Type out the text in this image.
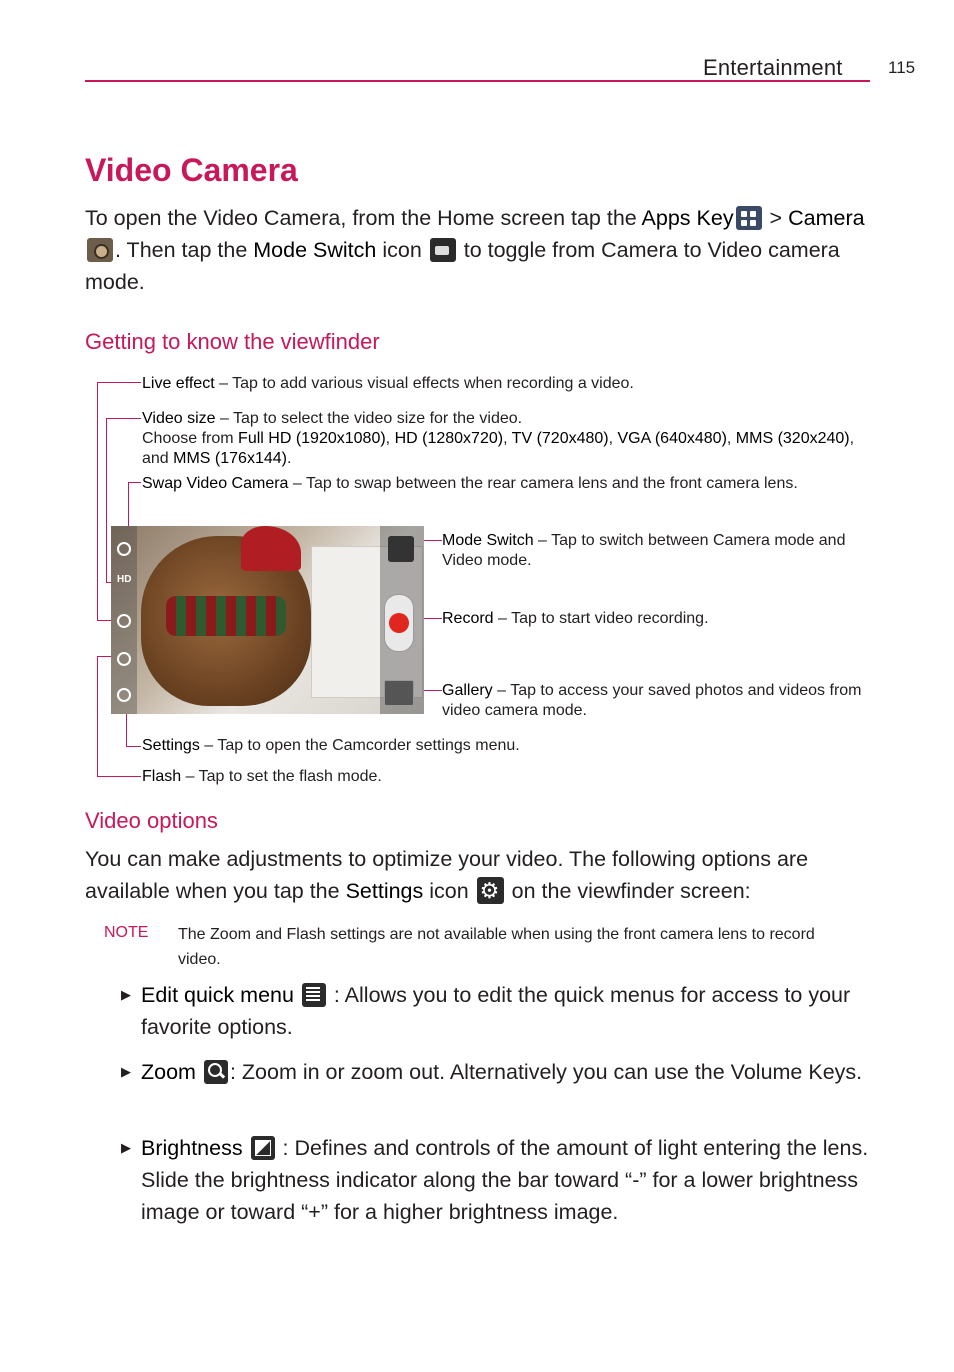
Entertainment	115
Video Camera
To open the Video Camera, from the Home screen tap the Apps Key > Camera. Then tap the Mode Switch icon  to toggle from Camera to Video camera mode.
Getting to know the viewfinder
Live effect – Tap to add various visual effects when recording a video.
Video size – Tap to select the video size for the video.
Choose from Full HD (1920x1080), HD (1280x720), TV (720x480), VGA (640x480), MMS (320x240), and MMS (176x144).
Swap Video Camera – Tap to swap between the rear camera lens and the front camera lens.
Mode Switch – Tap to switch between Camera mode and Video mode.
Record – Tap to start video recording.
Gallery – Tap to access your saved photos and videos from video camera mode.
Settings – Tap to open the Camcorder settings menu.
Flash – Tap to set the flash mode.
HD
Video options
You can make adjustments to optimize your video. The following options are available when you tap the Settings icon ⚙ on the viewfinder screen:
NOTE The Zoom and Flash settings are not available when using the front camera lens to record video.
▶ Edit quick menu  : Allows you to edit the quick menus for access to your favorite options.
▶ Zoom : Zoom in or zoom out. Alternatively you can use the Volume Keys.
▶ Brightness  : Defines and controls of the amount of light entering the lens. Slide the brightness indicator along the bar toward “-” for a lower brightness image or toward “+” for a higher brightness image.
